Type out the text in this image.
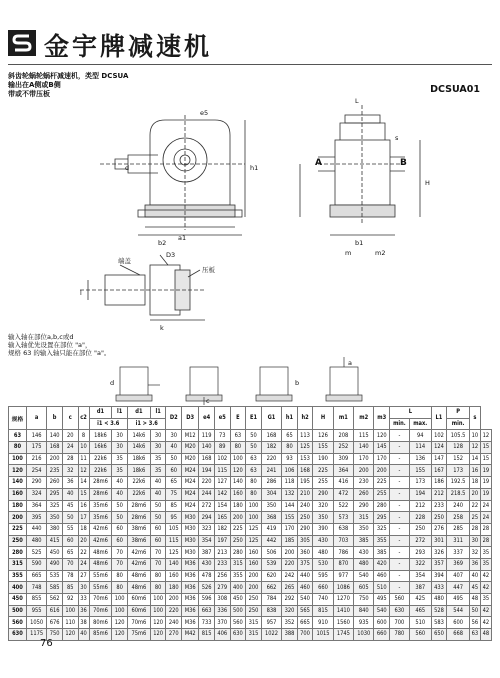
金宇牌减速机
斜齿轮蜗轮蜗杆减速机，类型 DCSUA
输出在A侧或B侧
带或不带压板	DCSUA01
d
b2
a1
h1
e5
A	B
b1
H
L
s
m	m2
D3
端盖
压板
l
k
输入轴在部位a,b,c或d
输入轴优先设置在部位 "a"，
规格 63 的输入轴只能在部位 "a"。
d
c
b
a
规格	a	b	c	c2	d1	l1	d1	l1	D2	D3	e4	e5	E	E1	G1	h1	h2	H	m1	m2	m3	L		L1	P	s	
					i1 < 3.6		i1 > 3.6															min.	max.		min.		
63	146	140	20	8	18k6	30	14k6	30	30	M12	119	73	63	50	168	65	113	126	208	115	120	-	94	102	105.5	10	12
80	175	168	24	10	16k6	30	14k6	30	40	M20	140	89	80	50	182	80	125	155	252	140	145	-	114	124	128	12	15
100	216	200	28	11	22k6	35	18k6	35	50	M20	168	102	100	63	220	93	153	190	309	170	170	-	136	147	152	14	15
120	254	235	32	12	22k6	35	18k6	35	60	M24	194	115	120	63	241	106	168	225	364	200	200	-	155	167	173	16	19
140	290	260	36	14	28m6	40	22k6	40	65	M24	220	127	140	80	286	118	195	255	416	230	225	-	173	186	192.5	18	19
160	324	295	40	15	28m6	40	22k6	40	75	M24	244	142	160	80	304	132	210	290	472	260	255	-	194	212	218.5	20	19
180	364	325	45	16	35m6	50	28m6	50	85	M24	272	154	180	100	350	144	240	320	522	290	280	-	212	233	240	22	24
200	395	350	50	17	35m6	50	28m6	50	95	M30	294	165	200	100	368	155	250	350	573	315	295	-	228	250	258	25	24
225	440	380	55	18	42m6	60	38m6	60	105	M30	323	182	225	125	419	170	290	390	638	350	325	-	250	276	285	28	28
250	480	415	60	20	42m6	60	38m6	60	115	M30	354	197	250	125	442	185	305	430	703	385	355	-	272	301	311	30	28
280	525	450	65	22	48m6	70	42m6	70	125	M30	387	213	280	160	506	200	360	480	786	430	385	-	293	326	337	32	35
315	590	490	70	24	48m6	70	42m6	70	140	M36	430	233	315	160	539	220	375	530	870	480	420	-	322	357	369	36	35
355	665	535	78	27	55m6	80	48m6	80	160	M36	478	256	355	200	620	242	440	595	977	540	460	-	354	394	407	40	42
400	748	585	85	30	55m6	80	48m6	80	180	M36	526	279	400	200	662	265	460	660	1086	605	510	-	387	433	447	45	42
450	855	562	92	33	70m6	100	60m6	100	200	M36	596	308	450	250	784	292	540	740	1270	750	495	560	425	480	495	48	35
500	955	616	100	36	70m6	100	60m6	100	220	M36	663	336	500	250	838	320	565	815	1410	840	540	630	465	528	544	50	42
560	1050	676	110	38	80m6	120	70m6	120	240	M36	733	370	560	315	957	352	665	910	1560	935	600	700	510	583	600	56	42
630	1175	750	120	40	85m6	120	75m6	120	270	M42	815	406	630	315	1022	388	700	1015	1745	1030	660	780	560	650	668	63	48
76
